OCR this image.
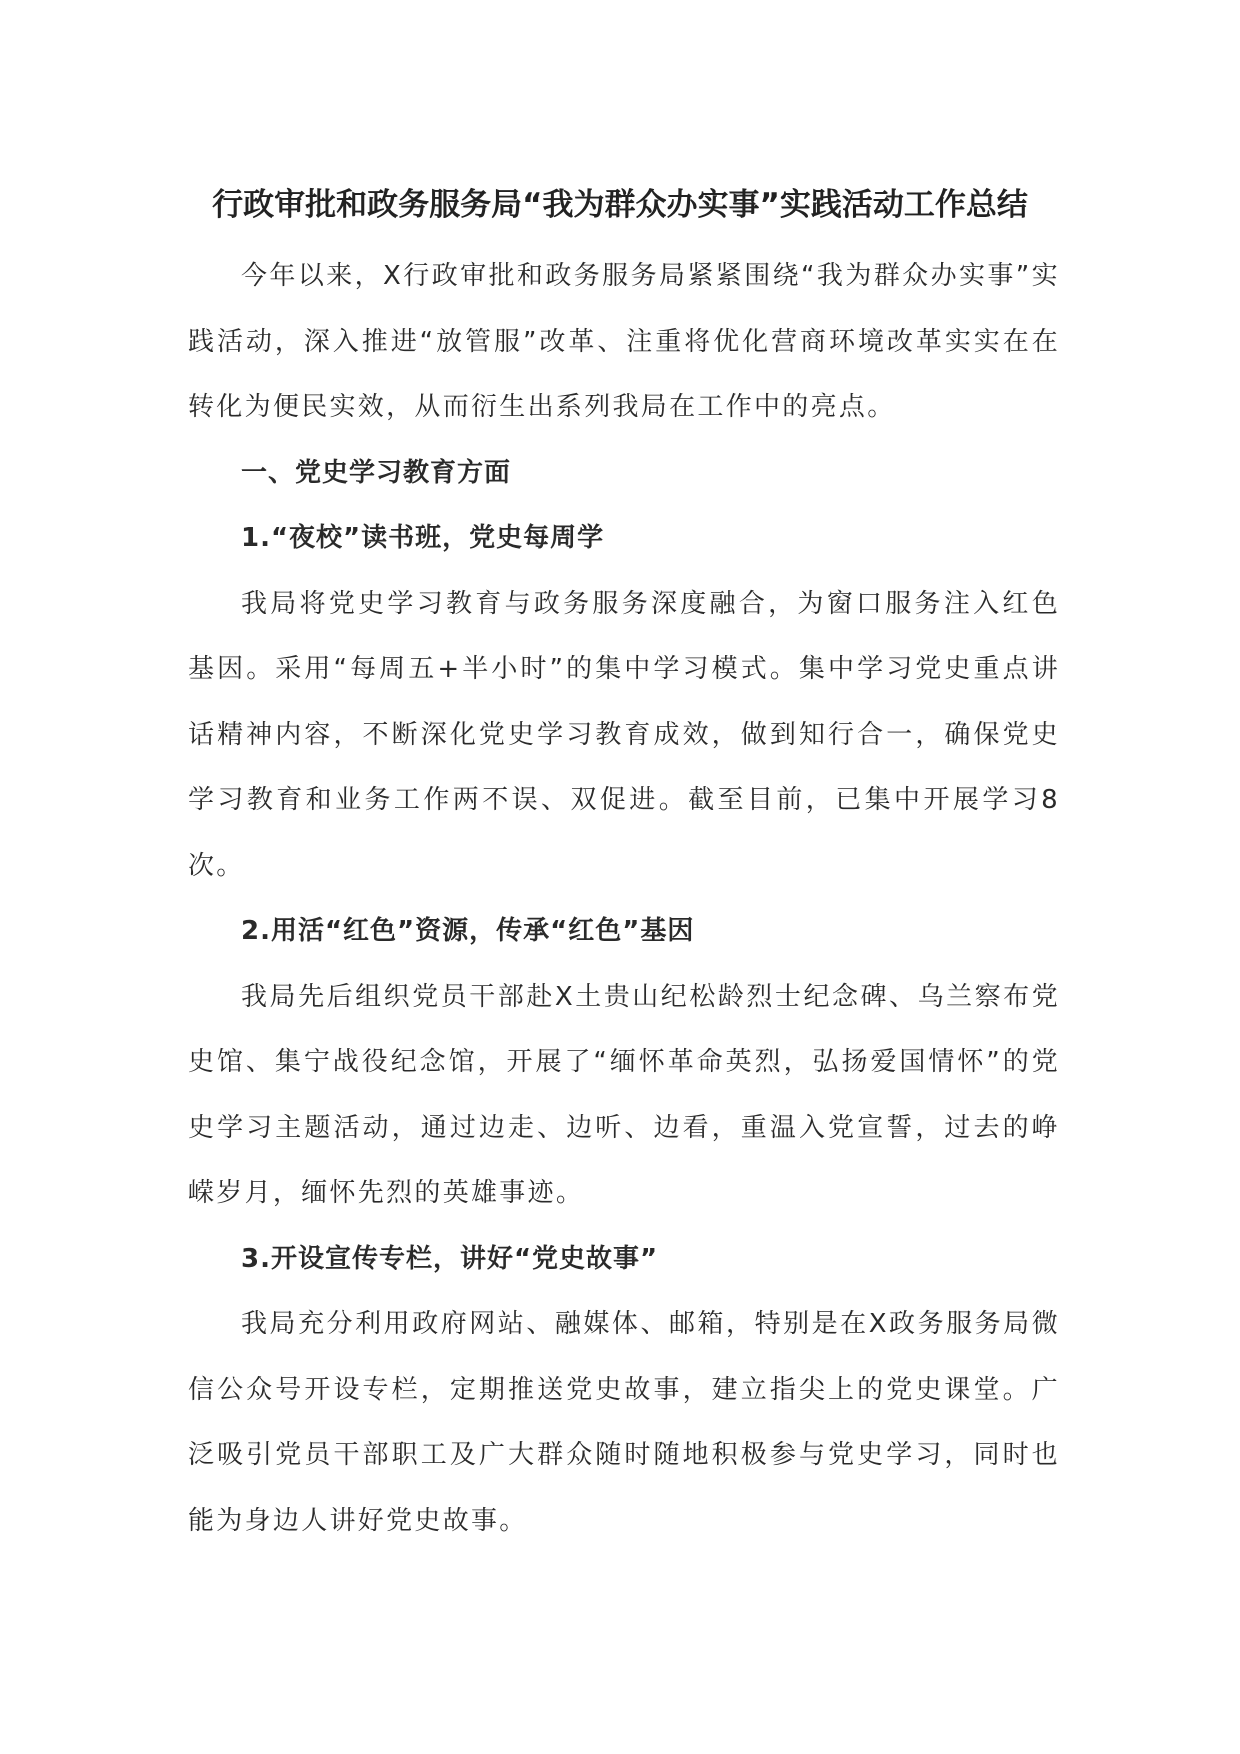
行政审批和政务服务局“我为群众办实事”实践活动工作总结

今年以来，X行政审批和政务服务局紧紧围绕“我为群众办实事”实践活动，深入推进“放管服”改革、注重将优化营商环境改革实实在在转化为便民实效，从而衍生出系列我局在工作中的亮点。

一、党史学习教育方面

1.“夜校”读书班，党史每周学

我局将党史学习教育与政务服务深度融合，为窗口服务注入红色基因。采用“每周五+半小时”的集中学习模式。集中学习党史重点讲话精神内容，不断深化党史学习教育成效，做到知行合一，确保党史学习教育和业务工作两不误、双促进。截至目前，已集中开展学习8次。

2.用活“红色”资源，传承“红色”基因

我局先后组织党员干部赴X土贵山纪松龄烈士纪念碑、乌兰察布党史馆、集宁战役纪念馆，开展了“缅怀革命英烈，弘扬爱国情怀”的党史学习主题活动，通过边走、边听、边看，重温入党宣誓，过去的峥嵘岁月，缅怀先烈的英雄事迹。

3.开设宣传专栏，讲好“党史故事”

我局充分利用政府网站、融媒体、邮箱，特别是在X政务服务局微信公众号开设专栏，定期推送党史故事，建立指尖上的党史课堂。广泛吸引党员干部职工及广大群众随时随地积极参与党史学习，同时也能为身边人讲好党史故事。
